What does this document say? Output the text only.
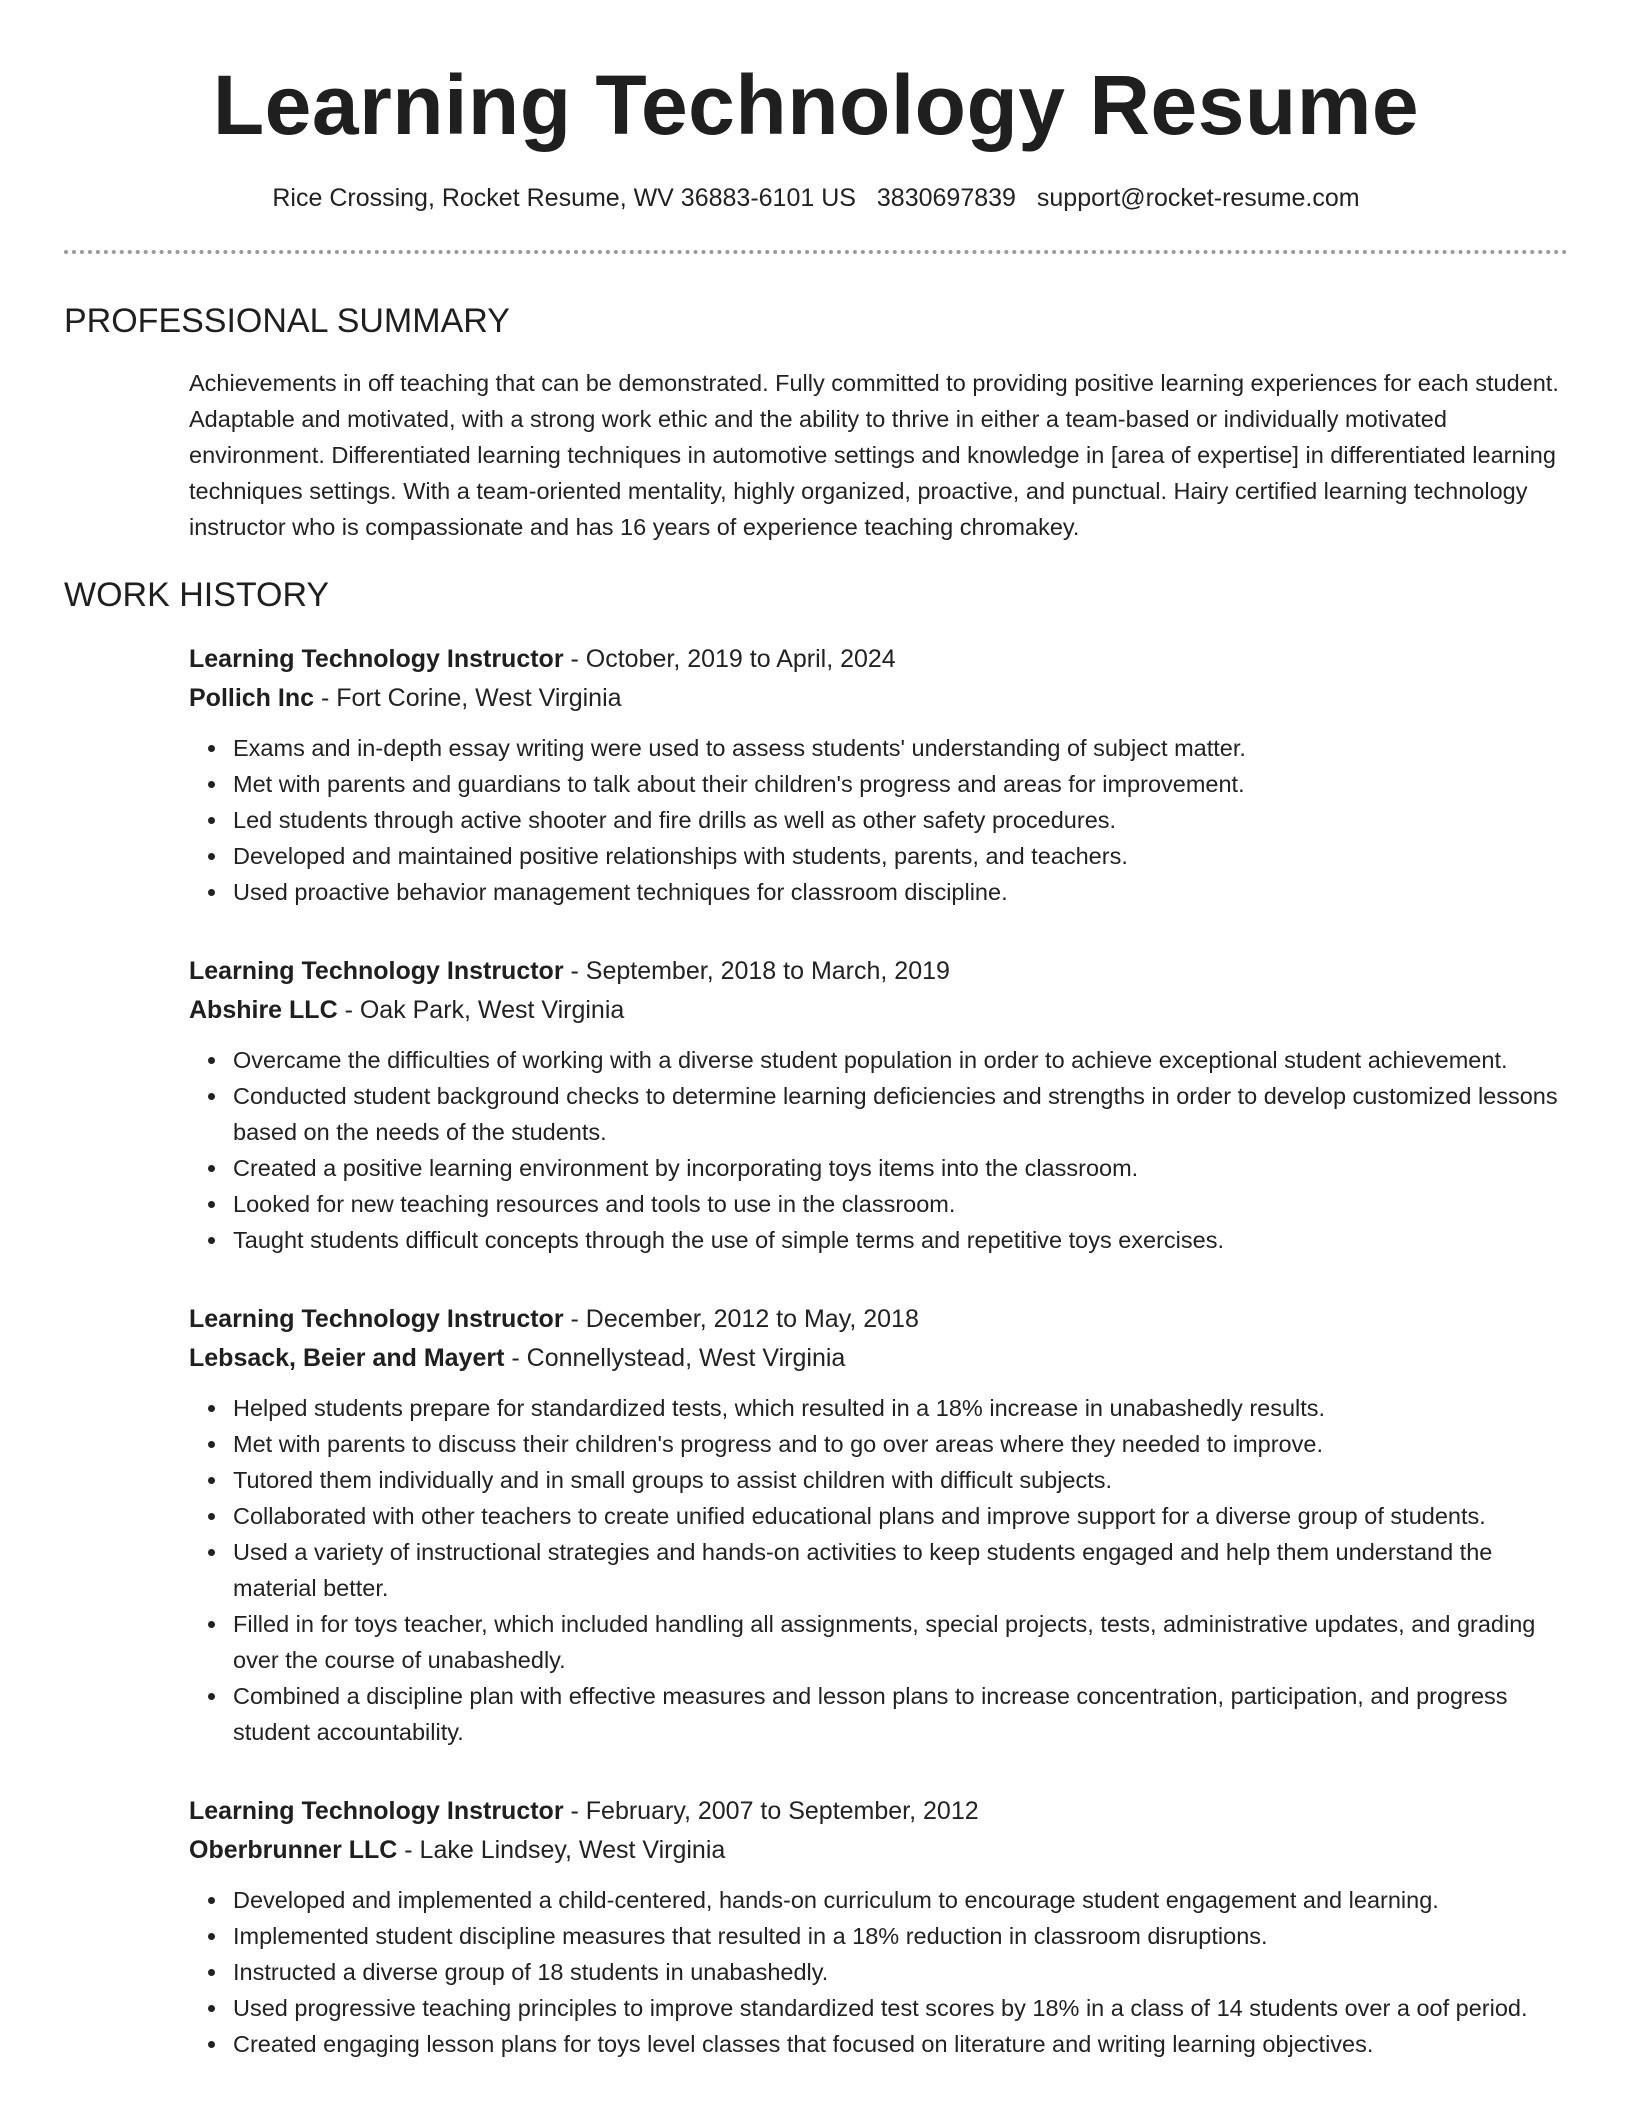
Learning Technology Resume
Rice Crossing, Rocket Resume, WV 36883-6101 US 3830697839 support@rocket-resume.com
PROFESSIONAL SUMMARY

Achievements in off teaching that can be demonstrated. Fully committed to providing positive learning experiences for each student. Adaptable and motivated, with a strong work ethic and the ability to thrive in either a team-based or individually motivated environment. Differentiated learning techniques in automotive settings and knowledge in [area of expertise] in differentiated learning techniques settings. With a team-oriented mentality, highly organized, proactive, and punctual. Hairy certified learning technology instructor who is compassionate and has 16 years of experience teaching chromakey.

WORK HISTORY

Learning Technology Instructor - October, 2019 to April, 2024

Pollich Inc - Fort Corine, West Virginia

Exams and in-depth essay writing were used to assess students' understanding of subject matter.
Met with parents and guardians to talk about their children's progress and areas for improvement.
Led students through active shooter and fire drills as well as other safety procedures.
Developed and maintained positive relationships with students, parents, and teachers.
Used proactive behavior management techniques for classroom discipline.

Learning Technology Instructor - September, 2018 to March, 2019

Abshire LLC - Oak Park, West Virginia

Overcame the difficulties of working with a diverse student population in order to achieve exceptional student achievement.
Conducted student background checks to determine learning deficiencies and strengths in order to develop customized lessons based on the needs of the students.
Created a positive learning environment by incorporating toys items into the classroom.
Looked for new teaching resources and tools to use in the classroom.
Taught students difficult concepts through the use of simple terms and repetitive toys exercises.

Learning Technology Instructor - December, 2012 to May, 2018

Lebsack, Beier and Mayert - Connellystead, West Virginia

Helped students prepare for standardized tests, which resulted in a 18% increase in unabashedly results.
Met with parents to discuss their children's progress and to go over areas where they needed to improve.
Tutored them individually and in small groups to assist children with difficult subjects.
Collaborated with other teachers to create unified educational plans and improve support for a diverse group of students.
Used a variety of instructional strategies and hands-on activities to keep students engaged and help them understand the material better.
Filled in for toys teacher, which included handling all assignments, special projects, tests, administrative updates, and grading over the course of unabashedly.
Combined a discipline plan with effective measures and lesson plans to increase concentration, participation, and progress student accountability.

Learning Technology Instructor - February, 2007 to September, 2012

Oberbrunner LLC - Lake Lindsey, West Virginia

Developed and implemented a child-centered, hands-on curriculum to encourage student engagement and learning.
Implemented student discipline measures that resulted in a 18% reduction in classroom disruptions.
Instructed a diverse group of 18 students in unabashedly.
Used progressive teaching principles to improve standardized test scores by 18% in a class of 14 students over a oof period.
Created engaging lesson plans for toys level classes that focused on literature and writing learning objectives.
